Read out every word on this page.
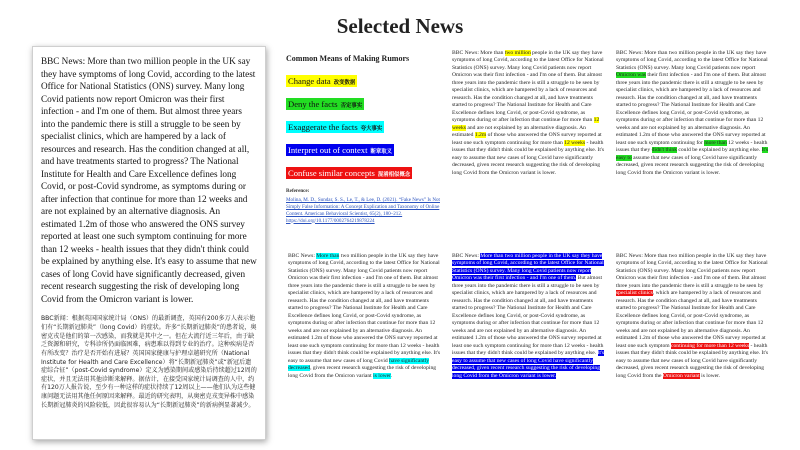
Selected News

BBC News: More than two million people in the UK say they have symptoms of long Covid, according to the latest Office for National Statistics (ONS) survey. Many long Covid patients now report Omicron was their first infection - and I'm one of them. But almost three years into the pandemic there is still a struggle to be seen by specialist clinics, which are hampered by a lack of resources and research. Has the condition changed at all, and have treatments started to progress? The National Institute for Health and Care Excellence defines long Covid, or post-Covid syndrome, as symptoms during or after infection that continue for more than 12 weeks and are not explained by an alternative diagnosis. An estimated 1.2m of those who answered the ONS survey reported at least one such symptom continuing for more than 12 weeks - health issues that they didn't think could be explained by anything else. It's easy to assume that new cases of long Covid have significantly decreased, given recent research suggesting the risk of developing long Covid from the Omicron variant is lower.

BBC新闻：根据英国国家统计局（ONS）的最新调查，英国有200多万人表示他们有“长期新冠肺炎”（long Covid）的症状。许多“长期新冠肺炎”的患者说，奥密克戎是他们的第一次感染，而我就是其中之一。但在大流行近三年后，由于缺乏资源和研究，专科诊所仍面临困难，病患难以得到专业的治疗。这种疾病是否有所改变？治疗是否开始有进展？英国国家健康与护理卓越研究所（National Institute for Health and Care Excellence）将“长期新冠肺炎”或“新冠后遗症综合征”（post-Covid syndrome）定义为感染期间或感染后持续超过12周的症状，并且无法用其他诊断来解释。据估计，在接受国家统计局调查的人中，约有120万人报告说，至少有一种这样的症状持续了12周以上——他们认为这些健康问题无法用其他任何原因来解释。最近的研究表明，从奥密克戎变异株中感染长期新冠肺炎的风险较低，因此很容易认为“长期新冠肺炎”的新病例显著减少。

Common Means of Making Rumors
Change data 改变数据
Deny the facts 否定事实
Exaggerate the facts 夸大事实
Interpret out of context 断章取义
Confuse similar concepts 混淆相似概念
Reference:
Molina, M. D., Sundar, S. S., Le, T., & Lee, D. (2021). “Fake News” Is Not Simply False Information: A Concept Explication and Taxonomy of Online Content. American Behavioral Scientist, 65(2), 180–212. https://doi.org/10.1177/0002764219878224

BBC News: More than two million people in the UK say they have symptoms of long Covid, according to the latest Office for National Statistics (ONS) survey. Many long Covid patients now report Omicron was their first infection - and I'm one of them. But almost three years into the pandemic there is still a struggle to be seen by specialist clinics, which are hampered by a lack of resources and research. Has the condition changed at all, and have treatments started to progress? The National Institute for Health and Care Excellence defines long Covid, or post-Covid syndrome, as symptoms during or after infection that continue for more than 12 weeks and are not explained by an alternative diagnosis. An estimated 1.2m of those who answered the ONS survey reported at least one such symptom continuing for more than 12 weeks - health issues that they didn't think could be explained by anything else. It's easy to assume that new cases of long Covid have significantly decreased, given recent research suggesting the risk of developing long Covid from the Omicron variant is lower.

BBC News: More than two million people in the UK say they have symptoms of long Covid, according to the latest Office for National Statistics (ONS) survey. Many long Covid patients now report Omicron was their first infection - and I'm one of them. But almost three years into the pandemic there is still a struggle to be seen by specialist clinics, which are hampered by a lack of resources and research. Has the condition changed at all, and have treatments started to progress? The National Institute for Health and Care Excellence defines long Covid, or post-Covid syndrome, as symptoms during or after infection that continue for more than 12 weeks and are not explained by an alternative diagnosis. An estimated 1.2m of those who answered the ONS survey reported at least one such symptom continuing for more than 12 weeks - health issues that they didn't think could be explained by anything else. It's easy to assume that new cases of long Covid have significantly decreased, given recent research suggesting the risk of developing long Covid from the Omicron variant is lower.

BBC News: More than two million people in the UK say they have symptoms of long Covid, according to the latest Office for National Statistics (ONS) survey. Many long Covid patients now report Omicron was their first infection - and I'm one of them. But almost three years into the pandemic there is still a struggle to be seen by specialist clinics, which are hampered by a lack of resources and research. Has the condition changed at all, and have treatments started to progress? The National Institute for Health and Care Excellence defines long Covid, or post-Covid syndrome, as symptoms during or after infection that continue for more than 12 weeks and are not explained by an alternative diagnosis. An estimated 1.2m of those who answered the ONS survey reported at least one such symptom continuing for more than 12 weeks - health issues that they didn't think could be explained by anything else. It's easy to assume that new cases of long Covid have significantly decreased, given recent research suggesting the risk of developing long Covid from the Omicron variant is lower.

BBC News: More than two million people in the UK say they have symptoms of long Covid, according to the latest Office for National Statistics (ONS) survey. Many long Covid patients now report Omicron was their first infection - and I'm one of them. But almost three years into the pandemic there is still a struggle to be seen by specialist clinics, which are hampered by a lack of resources and research. Has the condition changed at all, and have treatments started to progress? The National Institute for Health and Care Excellence defines long Covid, or post-Covid syndrome, as symptoms during or after infection that continue for more than 12 weeks and are not explained by an alternative diagnosis. An estimated 1.2m of those who answered the ONS survey reported at least one such symptom continuing for more than 12 weeks - health issues that they didn't think could be explained by anything else. It's easy to assume that new cases of long Covid have significantly decreased, given recent research suggesting the risk of developing long Covid from the Omicron variant is lower.

BBC News: More than two million people in the UK say they have symptoms of long Covid, according to the latest Office for National Statistics (ONS) survey. Many long Covid patients now report Omicron was their first infection - and I'm one of them. But almost three years into the pandemic there is still a struggle to be seen by specialist clinics, which are hampered by a lack of resources and research. Has the condition changed at all, and have treatments started to progress? The National Institute for Health and Care Excellence defines long Covid, or post-Covid syndrome, as symptoms during or after infection that continue for more than 12 weeks and are not explained by an alternative diagnosis. An estimated 1.2m of those who answered the ONS survey reported at least one such symptom continuing for more than 12 weeks - health issues that they didn't think could be explained by anything else. It's easy to assume that new cases of long Covid have significantly decreased, given recent research suggesting the risk of developing long Covid from the Omicron variant is lower.
